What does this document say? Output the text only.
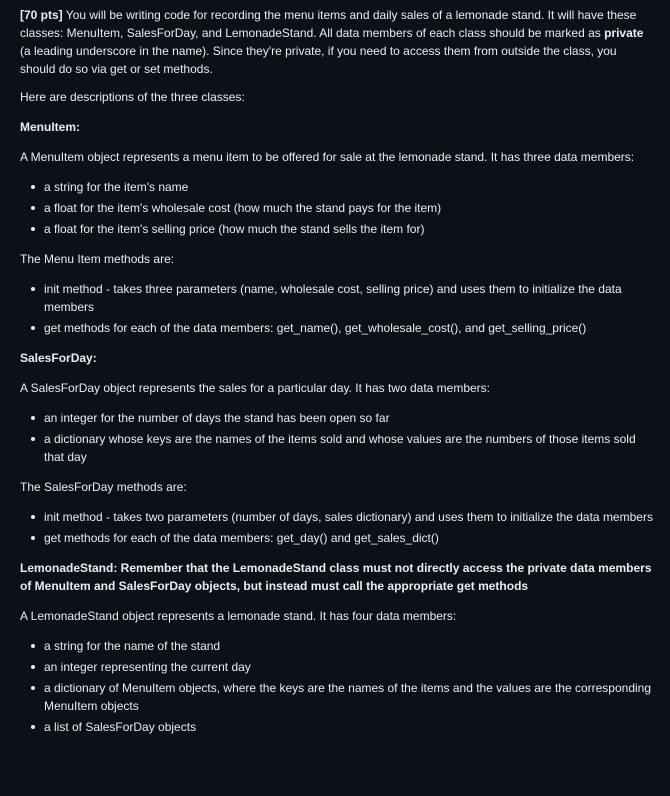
[70 pts] You will be writing code for recording the menu items and daily sales of a lemonade stand. It will have these classes: MenuItem, SalesForDay, and LemonadeStand. All data members of each class should be marked as private (a leading underscore in the name). Since they're private, if you need to access them from outside the class, you should do so via get or set methods.

Here are descriptions of the three classes:

MenuItem:

A MenuItem object represents a menu item to be offered for sale at the lemonade stand. It has three data members:

a string for the item's name
a float for the item's wholesale cost (how much the stand pays for the item)
a float for the item's selling price (how much the stand sells the item for)

The Menu Item methods are:

init method - takes three parameters (name, wholesale cost, selling price) and uses them to initialize the data members
get methods for each of the data members: get_name(), get_wholesale_cost(), and get_selling_price()

SalesForDay:

A SalesForDay object represents the sales for a particular day. It has two data members:

an integer for the number of days the stand has been open so far
a dictionary whose keys are the names of the items sold and whose values are the numbers of those items sold that day

The SalesForDay methods are:

init method - takes two parameters (number of days, sales dictionary) and uses them to initialize the data members
get methods for each of the data members: get_day() and get_sales_dict()

LemonadeStand: Remember that the LemonadeStand class must not directly access the private data members of MenuItem and SalesForDay objects, but instead must call the appropriate get methods

A LemonadeStand object represents a lemonade stand. It has four data members:

a string for the name of the stand
an integer representing the current day
a dictionary of MenuItem objects, where the keys are the names of the items and the values are the corresponding MenuItem objects
a list of SalesForDay objects
